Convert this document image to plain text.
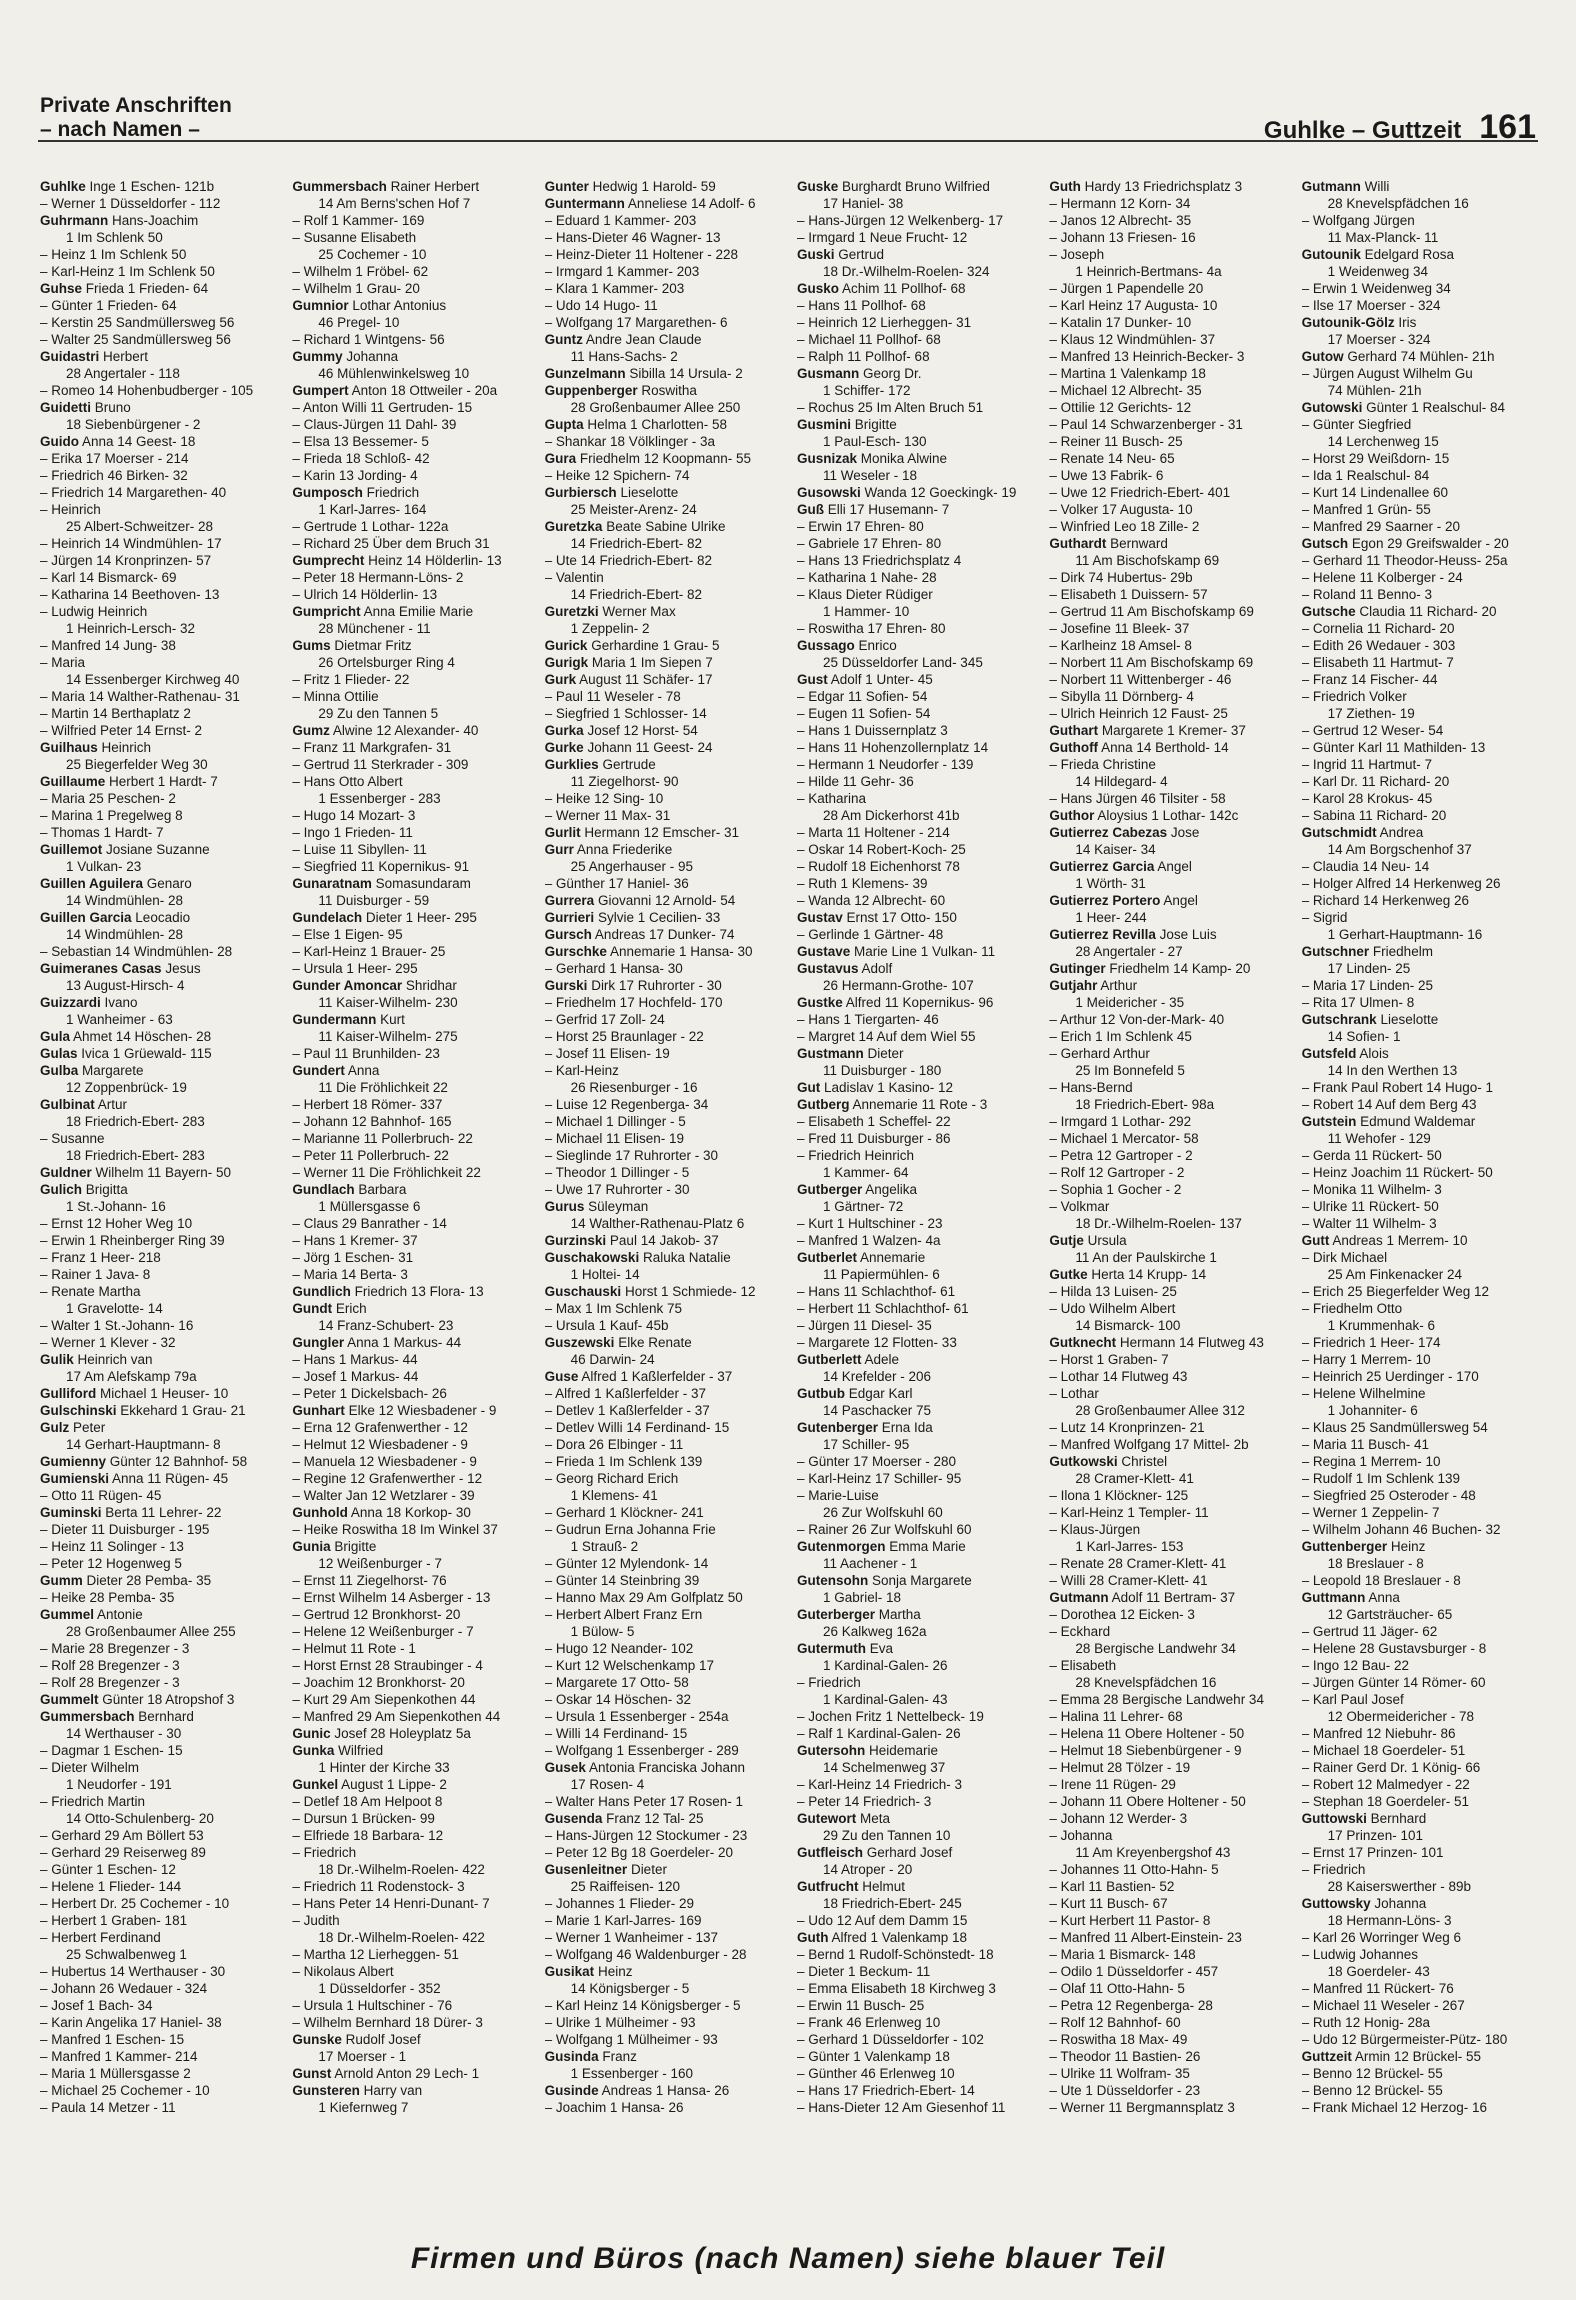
Private Anschriften
– nach Namen –	Guhlke – Guttzeit 161
Guhlke Inge 1 Eschen- 121b
– Werner 1 Düsseldorfer - 112
Guhrmann Hans-Joachim
1 Im Schlenk 50
– Heinz 1 Im Schlenk 50
– Karl-Heinz 1 Im Schlenk 50
Guhse Frieda 1 Frieden- 64
– Günter 1 Frieden- 64
– Kerstin 25 Sandmüllersweg 56
– Walter 25 Sandmüllersweg 56
Guidastri Herbert
28 Angertaler - 118
– Romeo 14 Hohenbudberger - 105
Guidetti Bruno
18 Siebenbürgener - 2
Guido Anna 14 Geest- 18
– Erika 17 Moerser - 214
– Friedrich 46 Birken- 32
– Friedrich 14 Margarethen- 40
– Heinrich
25 Albert-Schweitzer- 28
– Heinrich 14 Windmühlen- 17
– Jürgen 14 Kronprinzen- 57
– Karl 14 Bismarck- 69
– Katharina 14 Beethoven- 13
– Ludwig Heinrich
1 Heinrich-Lersch- 32
– Manfred 14 Jung- 38
– Maria
14 Essenberger Kirchweg 40
– Maria 14 Walther-Rathenau- 31
– Martin 14 Berthaplatz 2
– Wilfried Peter 14 Ernst- 2
Guilhaus Heinrich
25 Biegerfelder Weg 30
Guillaume Herbert 1 Hardt- 7
– Maria 25 Peschen- 2
– Marina 1 Pregelweg 8
– Thomas 1 Hardt- 7
Guillemot Josiane Suzanne
1 Vulkan- 23
Guillen Aguilera Genaro
14 Windmühlen- 28
Guillen Garcia Leocadio
14 Windmühlen- 28
– Sebastian 14 Windmühlen- 28
Guimeranes Casas Jesus
13 August-Hirsch- 4
Guizzardi Ivano
1 Wanheimer - 63
Gula Ahmet 14 Höschen- 28
Gulas Ivica 1 Grüewald- 115
Gulba Margarete
12 Zoppenbrück- 19
Gulbinat Artur
18 Friedrich-Ebert- 283
– Susanne
18 Friedrich-Ebert- 283
Guldner Wilhelm 11 Bayern- 50
Gulich Brigitta
1 St.-Johann- 16
– Ernst 12 Hoher Weg 10
– Erwin 1 Rheinberger Ring 39
– Franz 1 Heer- 218
– Rainer 1 Java- 8
– Renate Martha
1 Gravelotte- 14
– Walter 1 St.-Johann- 16
– Werner 1 Klever - 32
Gulik Heinrich van
17 Am Alefskamp 79a
Gulliford Michael 1 Heuser- 10
Gulschinski Ekkehard 1 Grau- 21
Gulz Peter
14 Gerhart-Hauptmann- 8
Gumienny Günter 12 Bahnhof- 58
Gumienski Anna 11 Rügen- 45
– Otto 11 Rügen- 45
Guminski Berta 11 Lehrer- 22
– Dieter 11 Duisburger - 195
– Heinz 11 Solinger - 13
– Peter 12 Hogenweg 5
Gumm Dieter 28 Pemba- 35
– Heike 28 Pemba- 35
Gummel Antonie
28 Großenbaumer Allee 255
– Marie 28 Bregenzer - 3
– Rolf 28 Bregenzer - 3
– Rolf 28 Bregenzer - 3
Gummelt Günter 18 Atropshof 3
Gummersbach Bernhard
14 Werthauser - 30
– Dagmar 1 Eschen- 15
– Dieter Wilhelm
1 Neudorfer - 191
– Friedrich Martin
14 Otto-Schulenberg- 20
– Gerhard 29 Am Böllert 53
– Gerhard 29 Reiserweg 89
– Günter 1 Eschen- 12
– Helene 1 Flieder- 144
– Herbert Dr. 25 Cochemer - 10
– Herbert 1 Graben- 181
– Herbert Ferdinand
25 Schwalbenweg 1
– Hubertus 14 Werthauser - 30
– Johann 26 Wedauer - 324
– Josef 1 Bach- 34
– Karin Angelika 17 Haniel- 38
– Manfred 1 Eschen- 15
– Manfred 1 Kammer- 214
– Maria 1 Müllersgasse 2
– Michael 25 Cochemer - 10
– Paula 14 Metzer - 11
Gummersbach Rainer Herbert
14 Am Berns'schen Hof 7
– Rolf 1 Kammer- 169
– Susanne Elisabeth
25 Cochemer - 10
– Wilhelm 1 Fröbel- 62
– Wilhelm 1 Grau- 20
Gumnior Lothar Antonius
46 Pregel- 10
– Richard 1 Wintgens- 56
Gummy Johanna
46 Mühlenwinkelsweg 10
Gumpert Anton 18 Ottweiler - 20a
– Anton Willi 11 Gertruden- 15
– Claus-Jürgen 11 Dahl- 39
– Elsa 13 Bessemer- 5
– Frieda 18 Schloß- 42
– Karin 13 Jording- 4
Gumposch Friedrich
1 Karl-Jarres- 164
– Gertrude 1 Lothar- 122a
– Richard 25 Über dem Bruch 31
Gumprecht Heinz 14 Hölderlin- 13
– Peter 18 Hermann-Löns- 2
– Ulrich 14 Hölderlin- 13
Gumpricht Anna Emilie Marie
28 Münchener - 11
Gums Dietmar Fritz
26 Ortelsburger Ring 4
– Fritz 1 Flieder- 22
– Minna Ottilie
29 Zu den Tannen 5
Gumz Alwine 12 Alexander- 40
– Franz 11 Markgrafen- 31
– Gertrud 11 Sterkrader - 309
– Hans Otto Albert
1 Essenberger - 283
– Hugo 14 Mozart- 3
– Ingo 1 Frieden- 11
– Luise 11 Sibyllen- 11
– Siegfried 11 Kopernikus- 91
Gunaratnam Somasundaram
11 Duisburger - 59
Gundelach Dieter 1 Heer- 295
– Else 1 Eigen- 95
– Karl-Heinz 1 Brauer- 25
– Ursula 1 Heer- 295
Gunder Amoncar Shridhar
11 Kaiser-Wilhelm- 230
Gundermann Kurt
11 Kaiser-Wilhelm- 275
– Paul 11 Brunhilden- 23
Gundert Anna
11 Die Fröhlichkeit 22
– Herbert 18 Römer- 337
– Johann 12 Bahnhof- 165
– Marianne 11 Pollerbruch- 22
– Peter 11 Pollerbruch- 22
– Werner 11 Die Fröhlichkeit 22
Gundlach Barbara
1 Müllersgasse 6
– Claus 29 Banrather - 14
– Hans 1 Kremer- 37
– Jörg 1 Eschen- 31
– Maria 14 Berta- 3
Gundlich Friedrich 13 Flora- 13
Gundt Erich
14 Franz-Schubert- 23
Gungler Anna 1 Markus- 44
– Hans 1 Markus- 44
– Josef 1 Markus- 44
– Peter 1 Dickelsbach- 26
Gunhart Elke 12 Wiesbadener - 9
– Erna 12 Grafenwerther - 12
– Helmut 12 Wiesbadener - 9
– Manuela 12 Wiesbadener - 9
– Regine 12 Grafenwerther - 12
– Walter Jan 12 Wetzlarer - 39
Gunhold Anna 18 Korkop- 30
– Heike Roswitha 18 Im Winkel 37
Gunia Brigitte
12 Weißenburger - 7
– Ernst 11 Ziegelhorst- 76
– Ernst Wilhelm 14 Asberger - 13
– Gertrud 12 Bronkhorst- 20
– Helene 12 Weißenburger - 7
– Helmut 11 Rote - 1
– Horst Ernst 28 Straubinger - 4
– Joachim 12 Bronkhorst- 20
– Kurt 29 Am Siepenkothen 44
– Manfred 29 Am Siepenkothen 44
Gunic Josef 28 Holeyplatz 5a
Gunka Wilfried
1 Hinter der Kirche 33
Gunkel August 1 Lippe- 2
– Detlef 18 Am Helpoot 8
– Dursun 1 Brücken- 99
– Elfriede 18 Barbara- 12
– Friedrich
18 Dr.-Wilhelm-Roelen- 422
– Friedrich 11 Rodenstock- 3
– Hans Peter 14 Henri-Dunant- 7
– Judith
18 Dr.-Wilhelm-Roelen- 422
– Martha 12 Lierheggen- 51
– Nikolaus Albert
1 Düsseldorfer - 352
– Ursula 1 Hultschiner - 76
– Wilhelm Bernhard 18 Dürer- 3
Gunske Rudolf Josef
17 Moerser - 1
Gunst Arnold Anton 29 Lech- 1
Gunsteren Harry van
1 Kiefernweg 7
Gunter Hedwig 1 Harold- 59
Guntermann Anneliese 14 Adolf- 6
– Eduard 1 Kammer- 203
– Hans-Dieter 46 Wagner- 13
– Heinz-Dieter 11 Holtener - 228
– Irmgard 1 Kammer- 203
– Klara 1 Kammer- 203
– Udo 14 Hugo- 11
– Wolfgang 17 Margarethen- 6
Guntz Andre Jean Claude
11 Hans-Sachs- 2
Gunzelmann Sibilla 14 Ursula- 2
Guppenberger Roswitha
28 Großenbaumer Allee 250
Gupta Helma 1 Charlotten- 58
– Shankar 18 Völklinger - 3a
Gura Friedhelm 12 Koopmann- 55
– Heike 12 Spichern- 74
Gurbiersch Lieselotte
25 Meister-Arenz- 24
Guretzka Beate Sabine Ulrike
14 Friedrich-Ebert- 82
– Ute 14 Friedrich-Ebert- 82
– Valentin
14 Friedrich-Ebert- 82
Guretzki Werner Max
1 Zeppelin- 2
Gurick Gerhardine 1 Grau- 5
Gurigk Maria 1 Im Siepen 7
Gurk August 11 Schäfer- 17
– Paul 11 Weseler - 78
– Siegfried 1 Schlosser- 14
Gurka Josef 12 Horst- 54
Gurke Johann 11 Geest- 24
Gurklies Gertrude
11 Ziegelhorst- 90
– Heike 12 Sing- 10
– Werner 11 Max- 31
Gurlit Hermann 12 Emscher- 31
Gurr Anna Friederike
25 Angerhauser - 95
– Günther 17 Haniel- 36
Gurrera Giovanni 12 Arnold- 54
Gurrieri Sylvie 1 Cecilien- 33
Gursch Andreas 17 Dunker- 74
Gurschke Annemarie 1 Hansa- 30
– Gerhard 1 Hansa- 30
Gurski Dirk 17 Ruhrorter - 30
– Friedhelm 17 Hochfeld- 170
– Gerfrid 17 Zoll- 24
– Horst 25 Braunlager - 22
– Josef 11 Elisen- 19
– Karl-Heinz
26 Riesenburger - 16
– Luise 12 Regenberga- 34
– Michael 1 Dillinger - 5
– Michael 11 Elisen- 19
– Sieglinde 17 Ruhrorter - 30
– Theodor 1 Dillinger - 5
– Uwe 17 Ruhrorter - 30
Gurus Süleyman
14 Walther-Rathenau-Platz 6
Gurzinski Paul 14 Jakob- 37
Guschakowski Raluka Natalie
1 Holtei- 14
Guschauski Horst 1 Schmiede- 12
– Max 1 Im Schlenk 75
– Ursula 1 Kauf- 45b
Guszewski Elke Renate
46 Darwin- 24
Guse Alfred 1 Kaßlerfelder - 37
– Alfred 1 Kaßlerfelder - 37
– Detlev 1 Kaßlerfelder - 37
– Detlev Willi 14 Ferdinand- 15
– Dora 26 Elbinger - 11
– Frieda 1 Im Schlenk 139
– Georg Richard Erich
1 Klemens- 41
– Gerhard 1 Klöckner- 241
– Gudrun Erna Johanna Frie
1 Strauß- 2
– Günter 12 Mylendonk- 14
– Günter 14 Steinbring 39
– Hanno Max 29 Am Golfplatz 50
– Herbert Albert Franz Ern
1 Bülow- 5
– Hugo 12 Neander- 102
– Kurt 12 Welschenkamp 17
– Margarete 17 Otto- 58
– Oskar 14 Höschen- 32
– Ursula 1 Essenberger - 254a
– Willi 14 Ferdinand- 15
– Wolfgang 1 Essenberger - 289
Gusek Antonia Franciska Johann
17 Rosen- 4
– Walter Hans Peter 17 Rosen- 1
Gusenda Franz 12 Tal- 25
– Hans-Jürgen 12 Stockumer - 23
– Peter 12 Bg 18 Goerdeler- 20
Gusenleitner Dieter
25 Raiffeisen- 120
– Johannes 1 Flieder- 29
– Marie 1 Karl-Jarres- 169
– Werner 1 Wanheimer - 137
– Wolfgang 46 Waldenburger - 28
Gusikat Heinz
14 Königsberger - 5
– Karl Heinz 14 Königsberger - 5
– Ulrike 1 Mülheimer - 93
– Wolfgang 1 Mülheimer - 93
Gusinda Franz
1 Essenberger - 160
Gusinde Andreas 1 Hansa- 26
– Joachim 1 Hansa- 26
Guske Burghardt Bruno Wilfried
17 Haniel- 38
– Hans-Jürgen 12 Welkenberg- 17
– Irmgard 1 Neue Frucht- 12
Guski Gertrud
18 Dr.-Wilhelm-Roelen- 324
Gusko Achim 11 Pollhof- 68
– Hans 11 Pollhof- 68
– Heinrich 12 Lierheggen- 31
– Michael 11 Pollhof- 68
– Ralph 11 Pollhof- 68
Gusmann Georg Dr.
1 Schiffer- 172
– Rochus 25 Im Alten Bruch 51
Gusmini Brigitte
1 Paul-Esch- 130
Gusnizak Monika Alwine
11 Weseler - 18
Gusowski Wanda 12 Goeckingk- 19
Guß Elli 17 Husemann- 7
– Erwin 17 Ehren- 80
– Gabriele 17 Ehren- 80
– Hans 13 Friedrichsplatz 4
– Katharina 1 Nahe- 28
– Klaus Dieter Rüdiger
1 Hammer- 10
– Roswitha 17 Ehren- 80
Gussago Enrico
25 Düsseldorfer Land- 345
Gust Adolf 1 Unter- 45
– Edgar 11 Sofien- 54
– Eugen 11 Sofien- 54
– Hans 1 Duissernplatz 3
– Hans 11 Hohenzollernplatz 14
– Hermann 1 Neudorfer - 139
– Hilde 11 Gehr- 36
– Katharina
28 Am Dickerhorst 41b
– Marta 11 Holtener - 214
– Oskar 14 Robert-Koch- 25
– Rudolf 18 Eichenhorst 78
– Ruth 1 Klemens- 39
– Wanda 12 Albrecht- 60
Gustav Ernst 17 Otto- 150
– Gerlinde 1 Gärtner- 48
Gustave Marie Line 1 Vulkan- 11
Gustavus Adolf
26 Hermann-Grothe- 107
Gustke Alfred 11 Kopernikus- 96
– Hans 1 Tiergarten- 46
– Margret 14 Auf dem Wiel 55
Gustmann Dieter
11 Duisburger - 180
Gut Ladislav 1 Kasino- 12
Gutberg Annemarie 11 Rote - 3
– Elisabeth 1 Scheffel- 22
– Fred 11 Duisburger - 86
– Friedrich Heinrich
1 Kammer- 64
Gutberger Angelika
1 Gärtner- 72
– Kurt 1 Hultschiner - 23
– Manfred 1 Walzen- 4a
Gutberlet Annemarie
11 Papiermühlen- 6
– Hans 11 Schlachthof- 61
– Herbert 11 Schlachthof- 61
– Jürgen 11 Diesel- 35
– Margarete 12 Flotten- 33
Gutberlett Adele
14 Krefelder - 206
Gutbub Edgar Karl
14 Paschacker 75
Gutenberger Erna Ida
17 Schiller- 95
– Günter 17 Moerser - 280
– Karl-Heinz 17 Schiller- 95
– Marie-Luise
26 Zur Wolfskuhl 60
– Rainer 26 Zur Wolfskuhl 60
Gutenmorgen Emma Marie
11 Aachener - 1
Gutensohn Sonja Margarete
1 Gabriel- 18
Guterberger Martha
26 Kalkweg 162a
Gutermuth Eva
1 Kardinal-Galen- 26
– Friedrich
1 Kardinal-Galen- 43
– Jochen Fritz 1 Nettelbeck- 19
– Ralf 1 Kardinal-Galen- 26
Gutersohn Heidemarie
14 Schelmenweg 37
– Karl-Heinz 14 Friedrich- 3
– Peter 14 Friedrich- 3
Gutewort Meta
29 Zu den Tannen 10
Gutfleisch Gerhard Josef
14 Atroper - 20
Gutfrucht Helmut
18 Friedrich-Ebert- 245
– Udo 12 Auf dem Damm 15
Guth Alfred 1 Valenkamp 18
– Bernd 1 Rudolf-Schönstedt- 18
– Dieter 1 Beckum- 11
– Emma Elisabeth 18 Kirchweg 3
– Erwin 11 Busch- 25
– Frank 46 Erlenweg 10
– Gerhard 1 Düsseldorfer - 102
– Günter 1 Valenkamp 18
– Günther 46 Erlenweg 10
– Hans 17 Friedrich-Ebert- 14
– Hans-Dieter 12 Am Giesenhof 11
Guth Hardy 13 Friedrichsplatz 3
– Hermann 12 Korn- 34
– Janos 12 Albrecht- 35
– Johann 13 Friesen- 16
– Joseph
1 Heinrich-Bertmans- 4a
– Jürgen 1 Papendelle 20
– Karl Heinz 17 Augusta- 10
– Katalin 17 Dunker- 10
– Klaus 12 Windmühlen- 37
– Manfred 13 Heinrich-Becker- 3
– Martina 1 Valenkamp 18
– Michael 12 Albrecht- 35
– Ottilie 12 Gerichts- 12
– Paul 14 Schwarzenberger - 31
– Reiner 11 Busch- 25
– Renate 14 Neu- 65
– Uwe 13 Fabrik- 6
– Uwe 12 Friedrich-Ebert- 401
– Volker 17 Augusta- 10
– Winfried Leo 18 Zille- 2
Guthardt Bernward
11 Am Bischofskamp 69
– Dirk 74 Hubertus- 29b
– Elisabeth 1 Duissern- 57
– Gertrud 11 Am Bischofskamp 69
– Josefine 11 Bleek- 37
– Karlheinz 18 Amsel- 8
– Norbert 11 Am Bischofskamp 69
– Norbert 11 Wittenberger - 46
– Sibylla 11 Dörnberg- 4
– Ulrich Heinrich 12 Faust- 25
Guthart Margarete 1 Kremer- 37
Guthoff Anna 14 Berthold- 14
– Frieda Christine
14 Hildegard- 4
– Hans Jürgen 46 Tilsiter - 58
Guthor Aloysius 1 Lothar- 142c
Gutierrez Cabezas Jose
14 Kaiser- 34
Gutierrez Garcia Angel
1 Wörth- 31
Gutierrez Portero Angel
1 Heer- 244
Gutierrez Revilla Jose Luis
28 Angertaler - 27
Gutinger Friedhelm 14 Kamp- 20
Gutjahr Arthur
1 Meidericher - 35
– Arthur 12 Von-der-Mark- 40
– Erich 1 Im Schlenk 45
– Gerhard Arthur
25 Im Bonnefeld 5
– Hans-Bernd
18 Friedrich-Ebert- 98a
– Irmgard 1 Lothar- 292
– Michael 1 Mercator- 58
– Petra 12 Gartroper - 2
– Rolf 12 Gartroper - 2
– Sophia 1 Gocher - 2
– Volkmar
18 Dr.-Wilhelm-Roelen- 137
Gutje Ursula
11 An der Paulskirche 1
Gutke Herta 14 Krupp- 14
– Hilda 13 Luisen- 25
– Udo Wilhelm Albert
14 Bismarck- 100
Gutknecht Hermann 14 Flutweg 43
– Horst 1 Graben- 7
– Lothar 14 Flutweg 43
– Lothar
28 Großenbaumer Allee 312
– Lutz 14 Kronprinzen- 21
– Manfred Wolfgang 17 Mittel- 2b
Gutkowski Christel
28 Cramer-Klett- 41
– Ilona 1 Klöckner- 125
– Karl-Heinz 1 Templer- 11
– Klaus-Jürgen
1 Karl-Jarres- 153
– Renate 28 Cramer-Klett- 41
– Willi 28 Cramer-Klett- 41
Gutmann Adolf 11 Bertram- 37
– Dorothea 12 Eicken- 3
– Eckhard
28 Bergische Landwehr 34
– Elisabeth
28 Knevelspfädchen 16
– Emma 28 Bergische Landwehr 34
– Halina 11 Lehrer- 68
– Helena 11 Obere Holtener - 50
– Helmut 18 Siebenbürgener - 9
– Helmut 28 Tölzer - 19
– Irene 11 Rügen- 29
– Johann 11 Obere Holtener - 50
– Johann 12 Werder- 3
– Johanna
11 Am Kreyenbergshof 43
– Johannes 11 Otto-Hahn- 5
– Karl 11 Bastien- 52
– Kurt 11 Busch- 67
– Kurt Herbert 11 Pastor- 8
– Manfred 11 Albert-Einstein- 23
– Maria 1 Bismarck- 148
– Odilo 1 Düsseldorfer - 457
– Olaf 11 Otto-Hahn- 5
– Petra 12 Regenberga- 28
– Rolf 12 Bahnhof- 60
– Roswitha 18 Max- 49
– Theodor 11 Bastien- 26
– Ulrike 11 Wolfram- 35
– Ute 1 Düsseldorfer - 23
– Werner 11 Bergmannsplatz 3
Gutmann Willi
28 Knevelspfädchen 16
– Wolfgang Jürgen
11 Max-Planck- 11
Gutounik Edelgard Rosa
1 Weidenweg 34
– Erwin 1 Weidenweg 34
– Ilse 17 Moerser - 324
Gutounik-Gölz Iris
17 Moerser - 324
Gutow Gerhard 74 Mühlen- 21h
– Jürgen August Wilhelm Gu
74 Mühlen- 21h
Gutowski Günter 1 Realschul- 84
– Günter Siegfried
14 Lerchenweg 15
– Horst 29 Weißdorn- 15
– Ida 1 Realschul- 84
– Kurt 14 Lindenallee 60
– Manfred 1 Grün- 55
– Manfred 29 Saarner - 20
Gutsch Egon 29 Greifswalder - 20
– Gerhard 11 Theodor-Heuss- 25a
– Helene 11 Kolberger - 24
– Roland 11 Benno- 3
Gutsche Claudia 11 Richard- 20
– Cornelia 11 Richard- 20
– Edith 26 Wedauer - 303
– Elisabeth 11 Hartmut- 7
– Franz 14 Fischer- 44
– Friedrich Volker
17 Ziethen- 19
– Gertrud 12 Weser- 54
– Günter Karl 11 Mathilden- 13
– Ingrid 11 Hartmut- 7
– Karl Dr. 11 Richard- 20
– Karol 28 Krokus- 45
– Sabina 11 Richard- 20
Gutschmidt Andrea
14 Am Borgschenhof 37
– Claudia 14 Neu- 14
– Holger Alfred 14 Herkenweg 26
– Richard 14 Herkenweg 26
– Sigrid
1 Gerhart-Hauptmann- 16
Gutschner Friedhelm
17 Linden- 25
– Maria 17 Linden- 25
– Rita 17 Ulmen- 8
Gutschrank Lieselotte
14 Sofien- 1
Gutsfeld Alois
14 In den Werthen 13
– Frank Paul Robert 14 Hugo- 1
– Robert 14 Auf dem Berg 43
Gutstein Edmund Waldemar
11 Wehofer - 129
– Gerda 11 Rückert- 50
– Heinz Joachim 11 Rückert- 50
– Monika 11 Wilhelm- 3
– Ulrike 11 Rückert- 50
– Walter 11 Wilhelm- 3
Gutt Andreas 1 Merrem- 10
– Dirk Michael
25 Am Finkenacker 24
– Erich 25 Biegerfelder Weg 12
– Friedhelm Otto
1 Krummenhak- 6
– Friedrich 1 Heer- 174
– Harry 1 Merrem- 10
– Heinrich 25 Uerdinger - 170
– Helene Wilhelmine
1 Johanniter- 6
– Klaus 25 Sandmüllersweg 54
– Maria 11 Busch- 41
– Regina 1 Merrem- 10
– Rudolf 1 Im Schlenk 139
– Siegfried 25 Osteroder - 48
– Werner 1 Zeppelin- 7
– Wilhelm Johann 46 Buchen- 32
Guttenberger Heinz
18 Breslauer - 8
– Leopold 18 Breslauer - 8
Guttmann Anna
12 Gartsträucher- 65
– Gertrud 11 Jäger- 62
– Helene 28 Gustavsburger - 8
– Ingo 12 Bau- 22
– Jürgen Günter 14 Römer- 60
– Karl Paul Josef
12 Obermeidericher - 78
– Manfred 12 Niebuhr- 86
– Michael 18 Goerdeler- 51
– Rainer Gerd Dr. 1 König- 66
– Robert 12 Malmedyer - 22
– Stephan 18 Goerdeler- 51
Guttowski Bernhard
17 Prinzen- 101
– Ernst 17 Prinzen- 101
– Friedrich
28 Kaiserswerther - 89b
Guttowsky Johanna
18 Hermann-Löns- 3
– Karl 26 Worringer Weg 6
– Ludwig Johannes
18 Goerdeler- 43
– Manfred 11 Rückert- 76
– Michael 11 Weseler - 267
– Ruth 12 Honig- 28a
– Udo 12 Bürgermeister-Pütz- 180
Guttzeit Armin 12 Brückel- 55
– Benno 12 Brückel- 55
– Benno 12 Brückel- 55
– Frank Michael 12 Herzog- 16
Firmen und Büros (nach Namen) siehe blauer Teil
